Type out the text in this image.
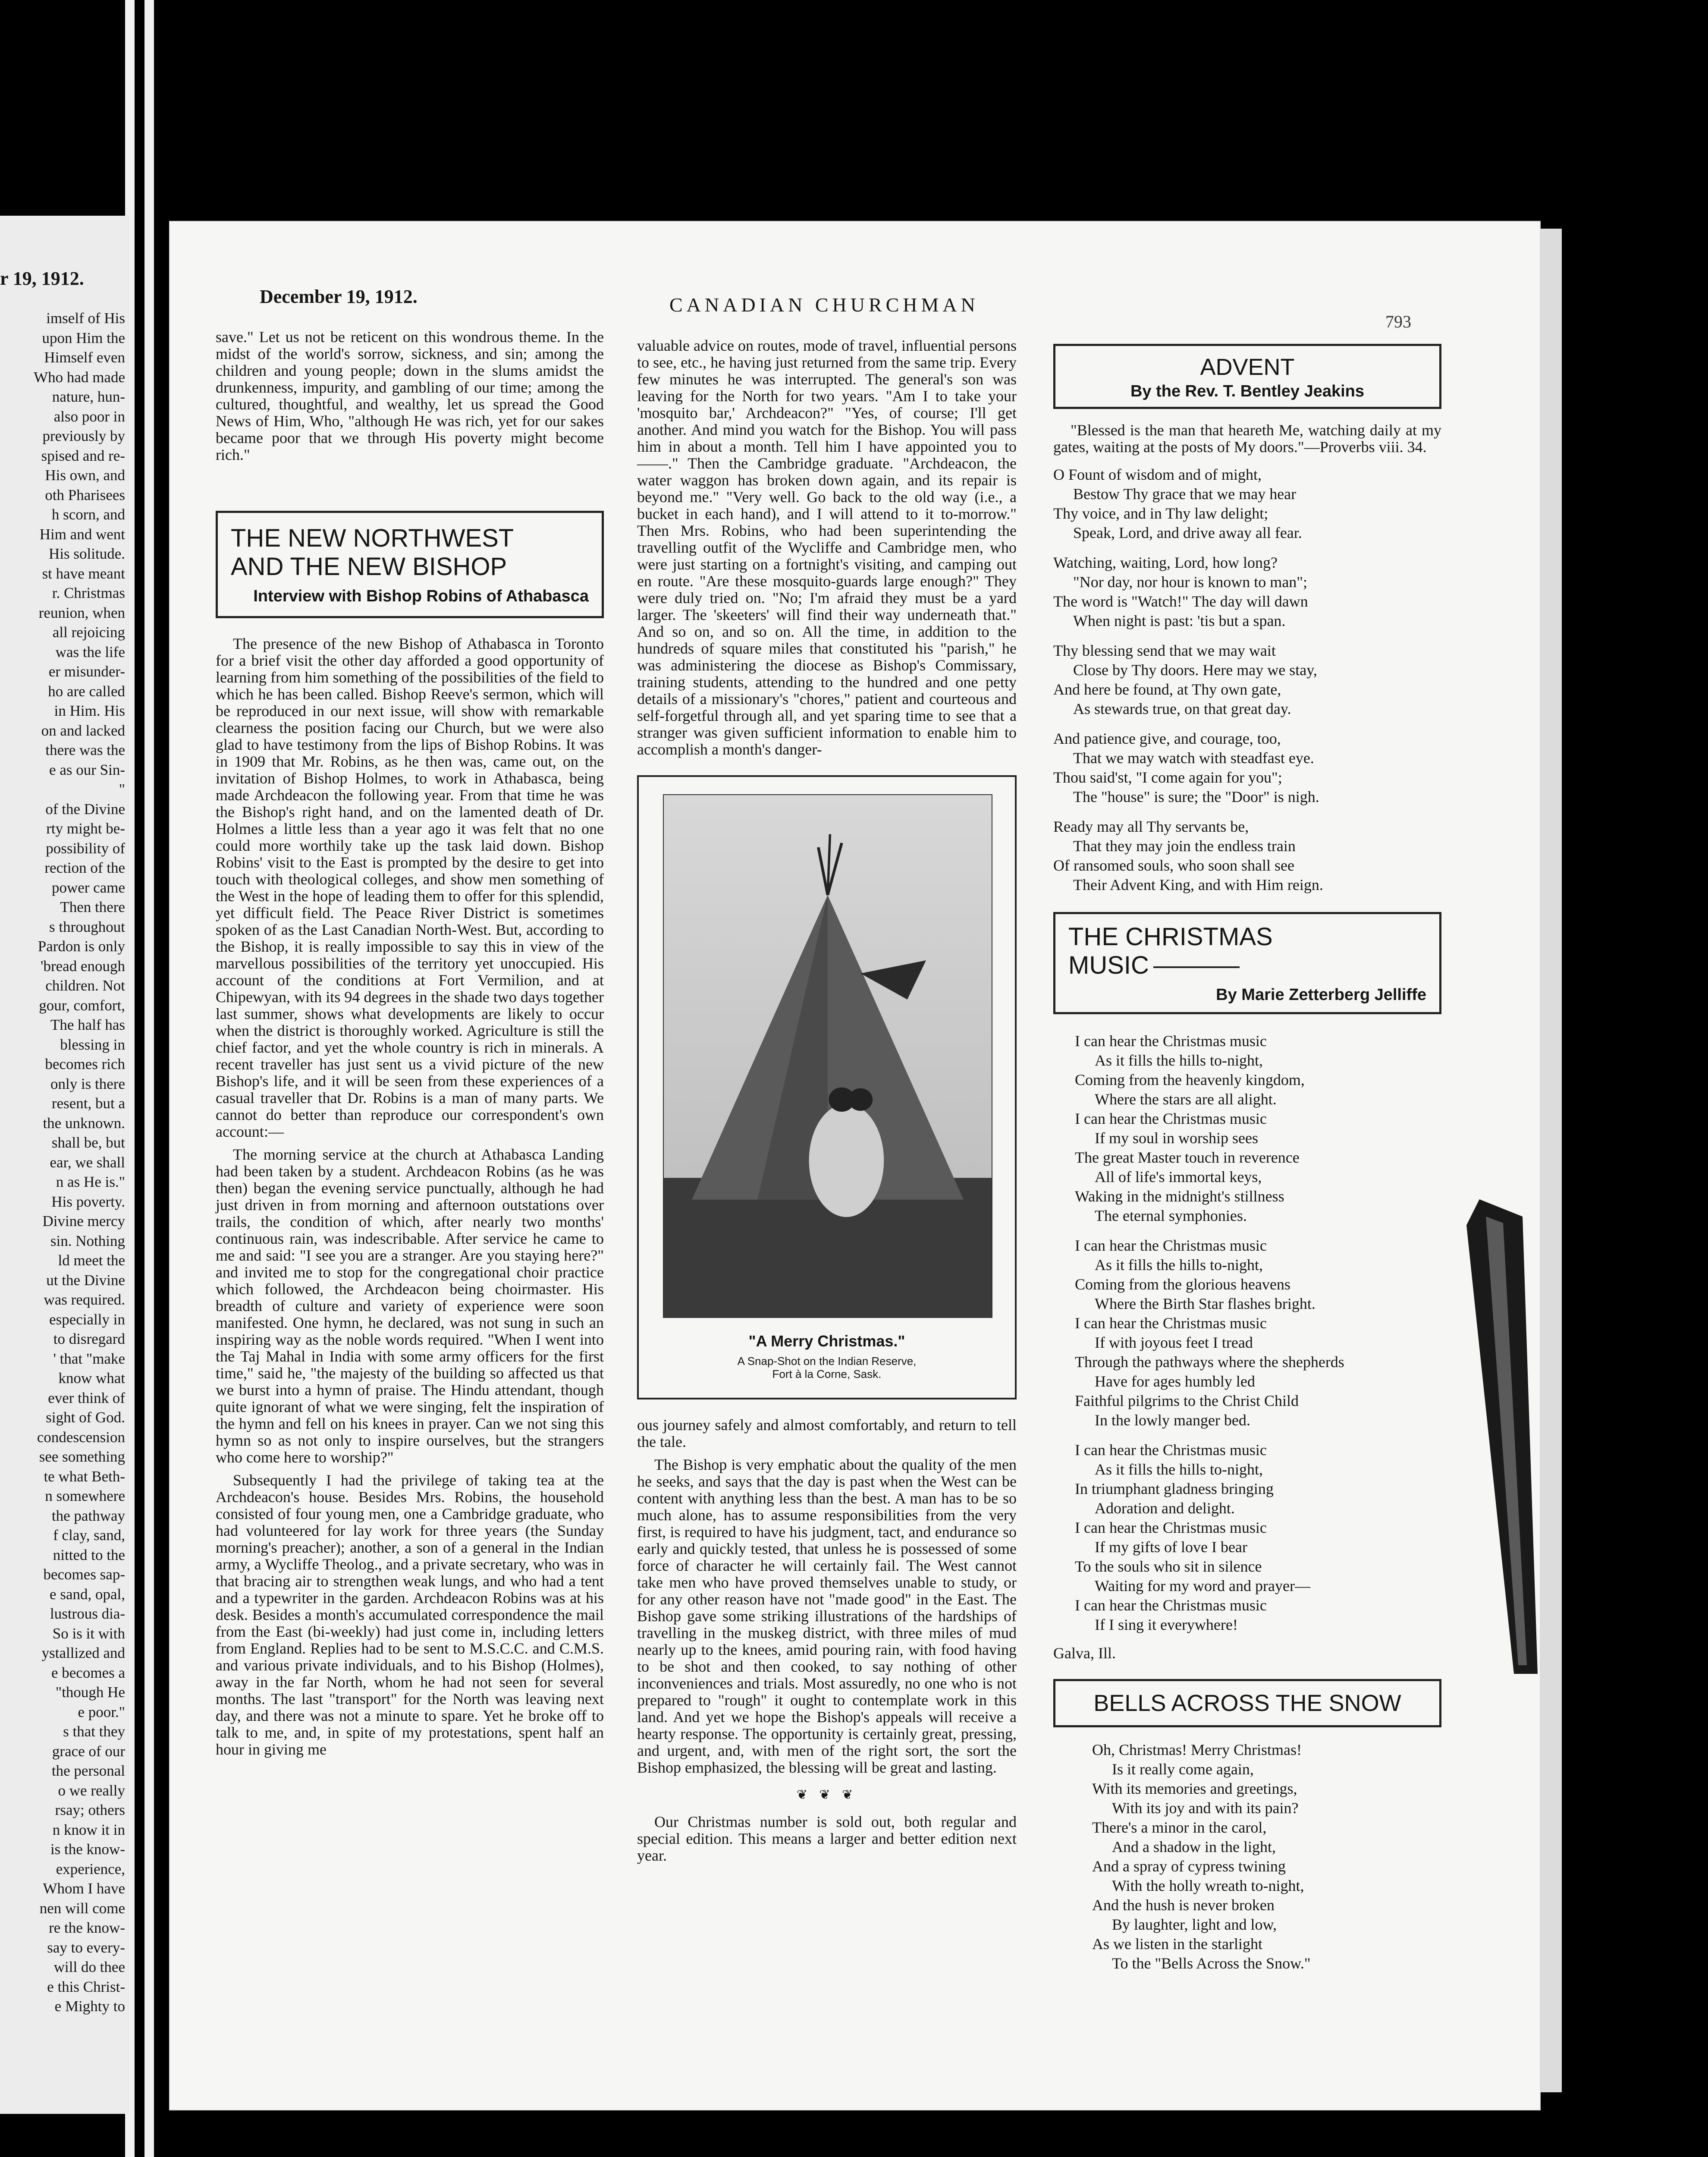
r 19, 1912.
imself of His
upon Him the
Himself even
Who had made
nature, hun-
also poor in
previously by
spised and re-
His own, and
oth Pharisees
h scorn, and
Him and went
His solitude.
st have meant
r. Christmas
reunion, when
all rejoicing
was the life
er misunder-
ho are called
in Him. His
on and lacked
there was the
e as our Sin-
"
of the Divine
rty might be-
possibility of
rection of the
power came
Then there
s throughout
Pardon is only
'bread enough
children. Not
gour, comfort,
The half has
blessing in
becomes rich
only is there
resent, but a
the unknown.
shall be, but
ear, we shall
n as He is."
His poverty.
Divine mercy
sin. Nothing
ld meet the
ut the Divine
was required.
especially in
to disregard
' that "make
know what
ever think of
sight of God.
condescension
see something
te what Beth-
n somewhere
the pathway
f clay, sand,
nitted to the
becomes sap-
e sand, opal,
lustrous dia-
So is it with
ystallized and
e becomes a
"though He
e poor."
s that they
grace of our
the personal
o we really
rsay; others
n know it in
is the know-
experience,
Whom I have
nen will come
re the know-
say to every-
will do thee
e this Christ-
e Mighty to
December 19, 1912.	CANADIAN CHURCHMAN
793

save." Let us not be reticent on this wondrous theme. In the midst of the world's sorrow, sickness, and sin; among the children and young people; down in the slums amidst the drunkenness, impurity, and gambling of our time; among the cultured, thoughtful, and wealthy, let us spread the Good News of Him, Who, "although He was rich, yet for our sakes became poor that we through His poverty might become rich."

THE NEW NORTHWEST
AND THE NEW BISHOP
Interview with Bishop Robins of Athabasca

The presence of the new Bishop of Athabasca in Toronto for a brief visit the other day afforded a good opportunity of learning from him something of the possibilities of the field to which he has been called. Bishop Reeve's sermon, which will be reproduced in our next issue, will show with remarkable clearness the position facing our Church, but we were also glad to have testimony from the lips of Bishop Robins. It was in 1909 that Mr. Robins, as he then was, came out, on the invitation of Bishop Holmes, to work in Athabasca, being made Archdeacon the following year. From that time he was the Bishop's right hand, and on the lamented death of Dr. Holmes a little less than a year ago it was felt that no one could more worthily take up the task laid down. Bishop Robins' visit to the East is prompted by the desire to get into touch with theological colleges, and show men something of the West in the hope of leading them to offer for this splendid, yet difficult field. The Peace River District is sometimes spoken of as the Last Canadian North-West. But, according to the Bishop, it is really impossible to say this in view of the marvellous possibilities of the territory yet unoccupied. His account of the conditions at Fort Vermilion, and at Chipewyan, with its 94 degrees in the shade two days together last summer, shows what developments are likely to occur when the district is thoroughly worked. Agriculture is still the chief factor, and yet the whole country is rich in minerals. A recent traveller has just sent us a vivid picture of the new Bishop's life, and it will be seen from these experiences of a casual traveller that Dr. Robins is a man of many parts. We cannot do better than reproduce our correspondent's own account:—

The morning service at the church at Athabasca Landing had been taken by a student. Archdeacon Robins (as he was then) began the evening service punctually, although he had just driven in from morning and afternoon outstations over trails, the condition of which, after nearly two months' continuous rain, was indescribable. After service he came to me and said: "I see you are a stranger. Are you staying here?" and invited me to stop for the congregational choir practice which followed, the Archdeacon being choirmaster. His breadth of culture and variety of experience were soon manifested. One hymn, he declared, was not sung in such an inspiring way as the noble words required. "When I went into the Taj Mahal in India with some army officers for the first time," said he, "the majesty of the building so affected us that we burst into a hymn of praise. The Hindu attendant, though quite ignorant of what we were singing, felt the inspiration of the hymn and fell on his knees in prayer. Can we not sing this hymn so as not only to inspire ourselves, but the strangers who come here to worship?"

Subsequently I had the privilege of taking tea at the Archdeacon's house. Besides Mrs. Robins, the household consisted of four young men, one a Cambridge graduate, who had volunteered for lay work for three years (the Sunday morning's preacher); another, a son of a general in the Indian army, a Wycliffe Theolog., and a private secretary, who was in that bracing air to strengthen weak lungs, and who had a tent and a typewriter in the garden. Archdeacon Robins was at his desk. Besides a month's accumulated correspondence the mail from the East (bi-weekly) had just come in, including letters from England. Replies had to be sent to M.S.C.C. and C.M.S. and various private individuals, and to his Bishop (Holmes), away in the far North, whom he had not seen for several months. The last "transport" for the North was leaving next day, and there was not a minute to spare. Yet he broke off to talk to me, and, in spite of my protestations, spent half an hour in giving me

valuable advice on routes, mode of travel, influential persons to see, etc., he having just returned from the same trip. Every few minutes he was interrupted. The general's son was leaving for the North for two years. "Am I to take your 'mosquito bar,' Archdeacon?" "Yes, of course; I'll get another. And mind you watch for the Bishop. You will pass him in about a month. Tell him I have appointed you to——." Then the Cambridge graduate. "Archdeacon, the water waggon has broken down again, and its repair is beyond me." "Very well. Go back to the old way (i.e., a bucket in each hand), and I will attend to it to-morrow." Then Mrs. Robins, who had been superintending the travelling outfit of the Wycliffe and Cambridge men, who were just starting on a fortnight's visiting, and camping out en route. "Are these mosquito-guards large enough?" They were duly tried on. "No; I'm afraid they must be a yard larger. The 'skeeters' will find their way underneath that." And so on, and so on. All the time, in addition to the hundreds of square miles that constituted his "parish," he was administering the diocese as Bishop's Commissary, training students, attending to the hundred and one petty details of a missionary's "chores," patient and courteous and self-forgetful through all, and yet sparing time to see that a stranger was given sufficient information to enable him to accomplish a month's danger-

"A Merry Christmas."
A Snap-Shot on the Indian Reserve,
Fort à la Corne, Sask.

ous journey safely and almost comfortably, and return to tell the tale.

The Bishop is very emphatic about the quality of the men he seeks, and says that the day is past when the West can be content with anything less than the best. A man has to be so much alone, has to assume responsibilities from the very first, is required to have his judgment, tact, and endurance so early and quickly tested, that unless he is possessed of some force of character he will certainly fail. The West cannot take men who have proved themselves unable to study, or for any other reason have not "made good" in the East. The Bishop gave some striking illustrations of the hardships of travelling in the muskeg district, with three miles of mud nearly up to the knees, amid pouring rain, with food having to be shot and then cooked, to say nothing of other inconveniences and trials. Most assuredly, no one who is not prepared to "rough" it ought to contemplate work in this land. And yet we hope the Bishop's appeals will receive a hearty response. The opportunity is certainly great, pressing, and urgent, and, with men of the right sort, the sort the Bishop emphasized, the blessing will be great and lasting.

❦ ❦ ❦

Our Christmas number is sold out, both regular and special edition. This means a larger and better edition next year.

ADVENT
By the Rev. T. Bentley Jeakins

"Blessed is the man that heareth Me, watching daily at my gates, waiting at the posts of My doors."—Proverbs viii. 34.

O Fount of wisdom and of might,
Bestow Thy grace that we may hear
Thy voice, and in Thy law delight;
Speak, Lord, and drive away all fear.
Watching, waiting, Lord, how long?
"Nor day, nor hour is known to man";
The word is "Watch!" The day will dawn
When night is past: 'tis but a span.
Thy blessing send that we may wait
Close by Thy doors. Here may we stay,
And here be found, at Thy own gate,
As stewards true, on that great day.
And patience give, and courage, too,
That we may watch with steadfast eye.
Thou said'st, "I come again for you";
The "house" is sure; the "Door" is nigh.
Ready may all Thy servants be,
That they may join the endless train
Of ransomed souls, who soon shall see
Their Advent King, and with Him reign.
THE CHRISTMAS
MUSIC
By Marie Zetterberg Jelliffe
I can hear the Christmas music
As it fills the hills to-night,
Coming from the heavenly kingdom,
Where the stars are all alight.
I can hear the Christmas music
If my soul in worship sees
The great Master touch in reverence
All of life's immortal keys,
Waking in the midnight's stillness
The eternal symphonies.
I can hear the Christmas music
As it fills the hills to-night,
Coming from the glorious heavens
Where the Birth Star flashes bright.
I can hear the Christmas music
If with joyous feet I tread
Through the pathways where the shepherds
Have for ages humbly led
Faithful pilgrims to the Christ Child
In the lowly manger bed.
I can hear the Christmas music
As it fills the hills to-night,
In triumphant gladness bringing
Adoration and delight.
I can hear the Christmas music
If my gifts of love I bear
To the souls who sit in silence
Waiting for my word and prayer—
I can hear the Christmas music
If I sing it everywhere!
Galva, Ill.
BELLS ACROSS THE SNOW
Oh, Christmas! Merry Christmas!
Is it really come again,
With its memories and greetings,
With its joy and with its pain?
There's a minor in the carol,
And a shadow in the light,
And a spray of cypress twining
With the holly wreath to-night,
And the hush is never broken
By laughter, light and low,
As we listen in the starlight
To the "Bells Across the Snow."
